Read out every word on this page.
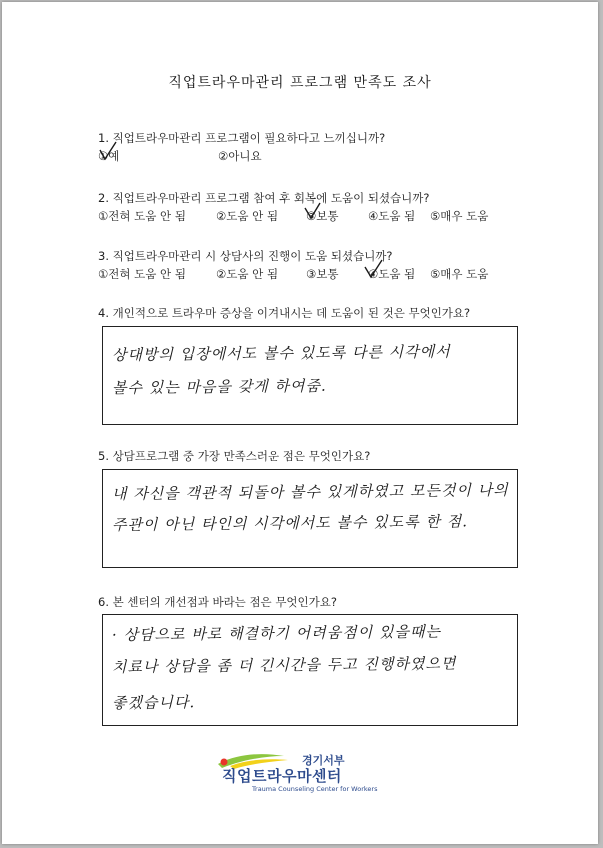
직업트라우마관리 프로그램 만족도 조사
1. 직업트라우마관리 프로그램이 필요하다고 느끼십니까?
①예	②아니요
2. 직업트라우마관리 프로그램 참여 후 회복에 도움이 되셨습니까?
①전혀 도움 안 됨	②도움 안 됨 ③보통	④도움 됨 ⑤매우 도움
3. 직업트라우마관리 시 상담사의 진행이 도움 되셨습니까?
①전혀 도움 안 됨	②도움 안 됨 ③보통	④도움 됨 ⑤매우 도움
4. 개인적으로 트라우마 증상을 이겨내시는 데 도움이 된 것은 무엇인가요?
상대방의 입장에서도 볼수 있도록 다른 시각에서
볼수 있는 마음을 갖게 하여줌.
5. 상담프로그램 중 가장 만족스러운 점은 무엇인가요?
내 자신을 객관적 되돌아 볼수 있게하였고 모든것이 나의
주관이 아닌 타인의 시각에서도 볼수 있도록 한 점.
6. 본 센터의 개선점과 바라는 점은 무엇인가요?
· 상담으로 바로 해결하기 어려움점이 있을때는
치료나 상담을 좀 더 긴시간을 두고 진행하였으면
좋겠습니다.
경기서부
직업트라우마센터
Trauma Counseling Center for Workers
